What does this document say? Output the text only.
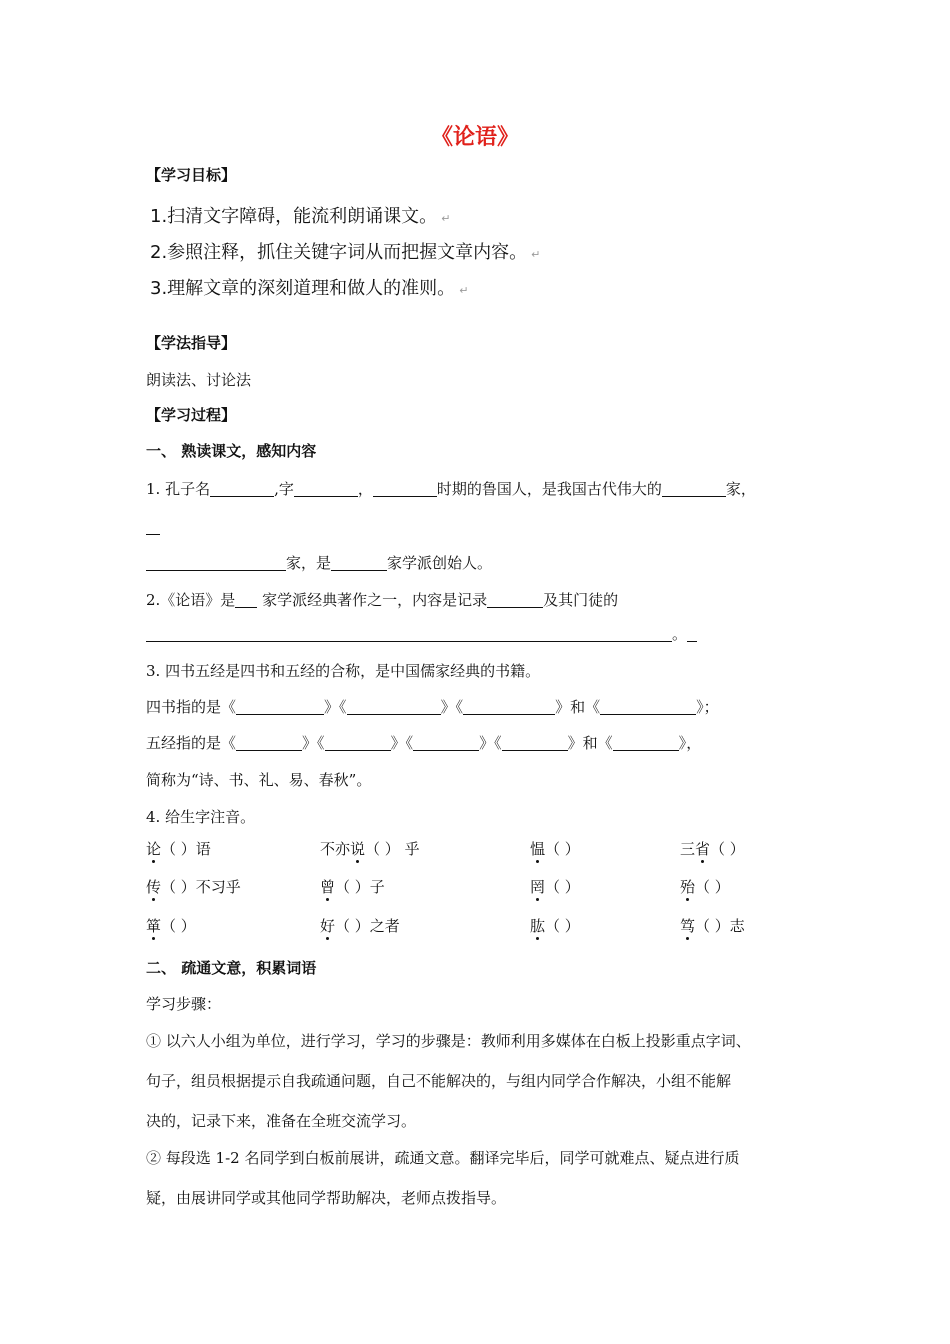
《论语》
【学习目标】
1.扫清文字障碍，能流利朗诵课文。 ↵
2.参照注释，抓住关键字词从而把握文章内容。 ↵
3.理解文章的深刻道理和做人的准则。 ↵
【学法指导】
朗读法、讨论法
【学习过程】
一、 熟读课文，感知内容
1. 孔子名	,字	，	时期的鲁国人，是我国古代伟大的	家，
家，是	家学派创始人。
2.《论语》是 家学派经典著作之一，内容是记录	及其门徒的
。
3. 四书五经是四书和五经的合称，是中国儒家经典的书籍。
四书指的是《	》《	》《	》和《	》；
五经指的是《	》《	》《	》《	》和《	》，
简称为“诗、书、礼、易、春秋”。
4. 给生字注音。
论（ ）语	不亦说（ ） 乎	愠（ ）	三省（ ）
传（ ）不习乎	曾（ ）子	罔（ ）	殆（ ）
箪（ ）	好（ ）之者	肱（ ）	笃（ ）志
二、 疏通文意，积累词语
学习步骤：
① 以六人小组为单位，进行学习，学习的步骤是：教师利用多媒体在白板上投影重点字词、
句子，组员根据提示自我疏通问题，自己不能解决的，与组内同学合作解决，小组不能解
决的，记录下来，准备在全班交流学习。
② 每段选 1-2 名同学到白板前展讲，疏通文意。翻译完毕后，同学可就难点、疑点进行质
疑，由展讲同学或其他同学帮助解决，老师点拨指导。
